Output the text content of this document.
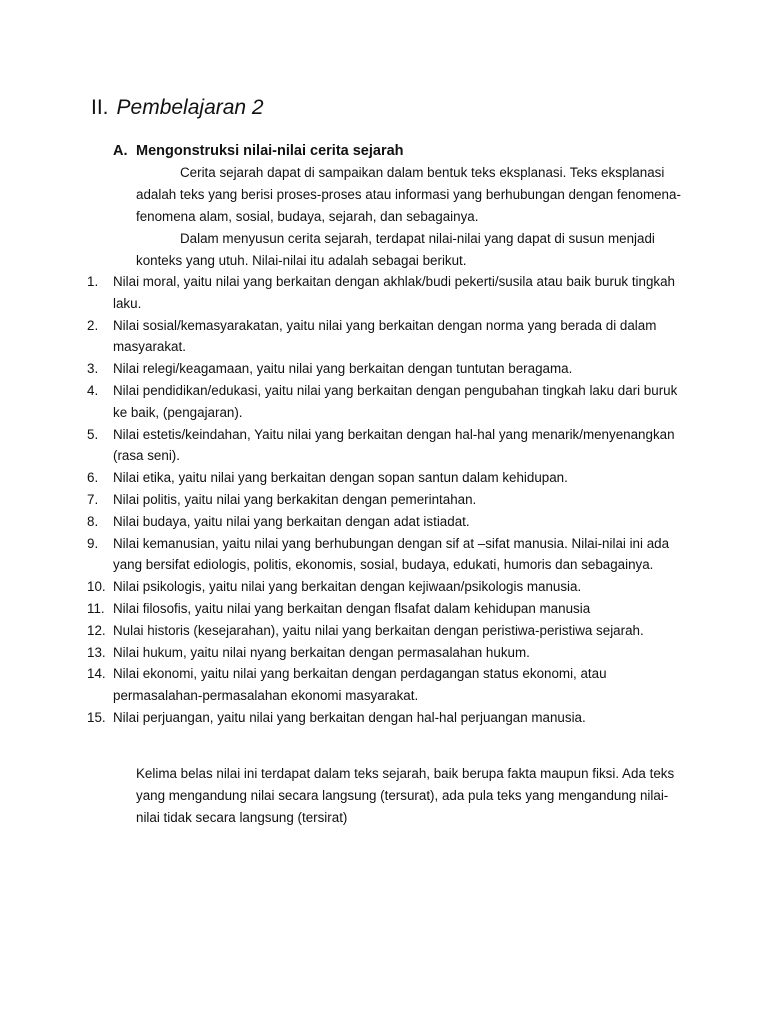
II. Pembelajaran 2
A. Mengonstruksi nilai-nilai cerita sejarah
Cerita sejarah dapat di sampaikan dalam bentuk teks eksplanasi. Teks eksplanasi adalah teks yang berisi proses-proses atau informasi yang berhubungan dengan fenomena-fenomena alam, sosial, budaya, sejarah, dan sebagainya.
Dalam menyusun cerita sejarah, terdapat nilai-nilai yang dapat di susun menjadi konteks yang utuh. Nilai-nilai itu adalah sebagai berikut.
1.	Nilai moral, yaitu nilai yang berkaitan dengan akhlak/budi pekerti/susila atau baik buruk tingkah laku.
2.	Nilai sosial/kemasyarakatan, yaitu nilai yang berkaitan dengan norma yang berada di dalam masyarakat.
3.	Nilai relegi/keagamaan, yaitu nilai yang berkaitan dengan tuntutan beragama.
4.	Nilai pendidikan/edukasi, yaitu nilai yang berkaitan dengan pengubahan tingkah laku dari buruk ke baik, (pengajaran).
5.	Nilai estetis/keindahan, Yaitu nilai yang berkaitan dengan hal-hal yang menarik/menyenangkan (rasa seni).
6.	Nilai etika, yaitu nilai yang berkaitan dengan sopan santun dalam kehidupan.
7.	Nilai politis, yaitu nilai yang berkakitan dengan pemerintahan.
8.	Nilai budaya, yaitu nilai yang berkaitan dengan adat istiadat.
9.	Nilai kemanusian, yaitu nilai yang berhubungan dengan sif at –sifat manusia. Nilai-nilai ini ada yang bersifat ediologis, politis, ekonomis, sosial, budaya, edukati, humoris dan sebagainya.
10. Nilai psikologis, yaitu nilai yang berkaitan dengan kejiwaan/psikologis manusia.
11. Nilai filosofis, yaitu nilai yang berkaitan dengan flsafat dalam kehidupan manusia
12. Nulai historis (kesejarahan), yaitu nilai yang berkaitan dengan peristiwa-peristiwa sejarah.
13. Nilai hukum, yaitu nilai nyang berkaitan dengan permasalahan hukum.
14. Nilai ekonomi, yaitu nilai yang berkaitan dengan perdagangan status ekonomi, atau permasalahan-permasalahan ekonomi masyarakat.
15. Nilai perjuangan, yaitu nilai yang berkaitan dengan hal-hal perjuangan manusia.
Kelima belas nilai ini terdapat dalam teks sejarah, baik berupa fakta maupun fiksi. Ada teks yang mengandung nilai secara langsung (tersurat), ada pula teks yang mengandung nilai-nilai tidak secara langsung (tersirat)
